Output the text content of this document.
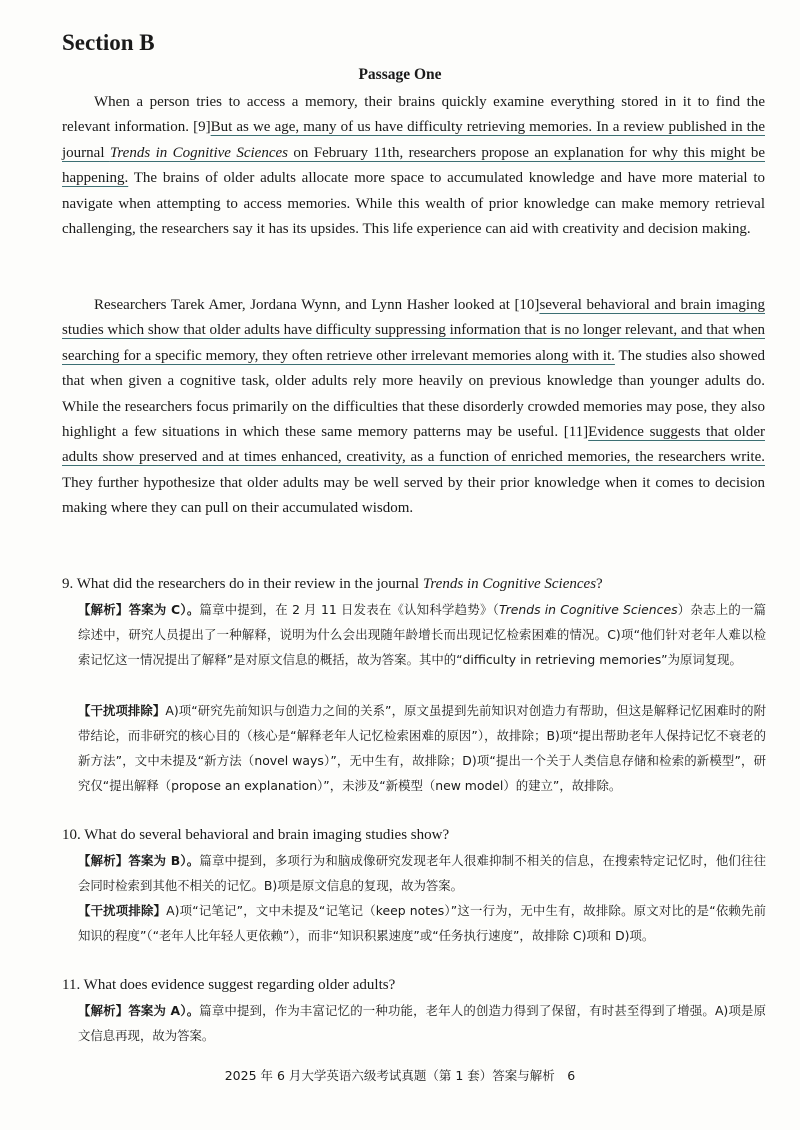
Section B
Passage One

When a person tries to access a memory, their brains quickly examine everything stored in it to find the relevant information. [9]But as we age, many of us have difficulty retrieving memories. In a review published in the journal Trends in Cognitive Sciences on February 11th, researchers propose an explanation for why this might be happening. The brains of older adults allocate more space to accumulated knowledge and have more material to navigate when attempting to access memories. While this wealth of prior knowledge can make memory retrieval challenging, the researchers say it has its upsides. This life experience can aid with creativity and decision making.

Researchers Tarek Amer, Jordana Wynn, and Lynn Hasher looked at [10]several behavioral and brain imaging studies which show that older adults have difficulty suppressing information that is no longer relevant, and that when searching for a specific memory, they often retrieve other irrelevant memories along with it. The studies also showed that when given a cognitive task, older adults rely more heavily on previous knowledge than younger adults do. While the researchers focus primarily on the difficulties that these disorderly crowded memories may pose, they also highlight a few situations in which these same memory patterns may be useful. [11]Evidence suggests that older adults show preserved and at times enhanced, creativity, as a function of enriched memories, the researchers write. They further hypothesize that older adults may be well served by their prior knowledge when it comes to decision making where they can pull on their accumulated wisdom.

9. What did the researchers do in their review in the journal Trends in Cognitive Sciences?

【解析】答案为 C）。篇章中提到，在 2 月 11 日发表在《认知科学趋势》（Trends in Cognitive Sciences）杂志上的一篇综述中，研究人员提出了一种解释，说明为什么会出现随年龄增长而出现记忆检索困难的情况。C)项“他们针对老年人难以检索记忆这一情况提出了解释”是对原文信息的概括，故为答案。其中的“difficulty in retrieving memories”为原词复现。

【干扰项排除】A)项“研究先前知识与创造力之间的关系”，原文虽提到先前知识对创造力有帮助，但这是解释记忆困难时的附带结论，而非研究的核心目的（核心是“解释老年人记忆检索困难的原因”），故排除；B)项“提出帮助老年人保持记忆不衰老的新方法”，文中未提及“新方法（novel ways）”，无中生有，故排除；D)项“提出一个关于人类信息存储和检索的新模型”，研究仅“提出解释（propose an explanation）”，未涉及“新模型（new model）的建立”，故排除。

10. What do several behavioral and brain imaging studies show?

【解析】答案为 B）。篇章中提到，多项行为和脑成像研究发现老年人很难抑制不相关的信息，在搜索特定记忆时，他们往往会同时检索到其他不相关的记忆。B)项是原文信息的复现，故为答案。

【干扰项排除】A)项“记笔记”，文中未提及“记笔记（keep notes）”这一行为，无中生有，故排除。原文对比的是“依赖先前知识的程度”（“老年人比年轻人更依赖”），而非“知识积累速度”或“任务执行速度”，故排除 C)项和 D)项。

11. What does evidence suggest regarding older adults?

【解析】答案为 A）。篇章中提到，作为丰富记忆的一种功能，老年人的创造力得到了保留，有时甚至得到了增强。A)项是原文信息再现，故为答案。

2025 年 6 月大学英语六级考试真题（第 1 套）答案与解析　6
